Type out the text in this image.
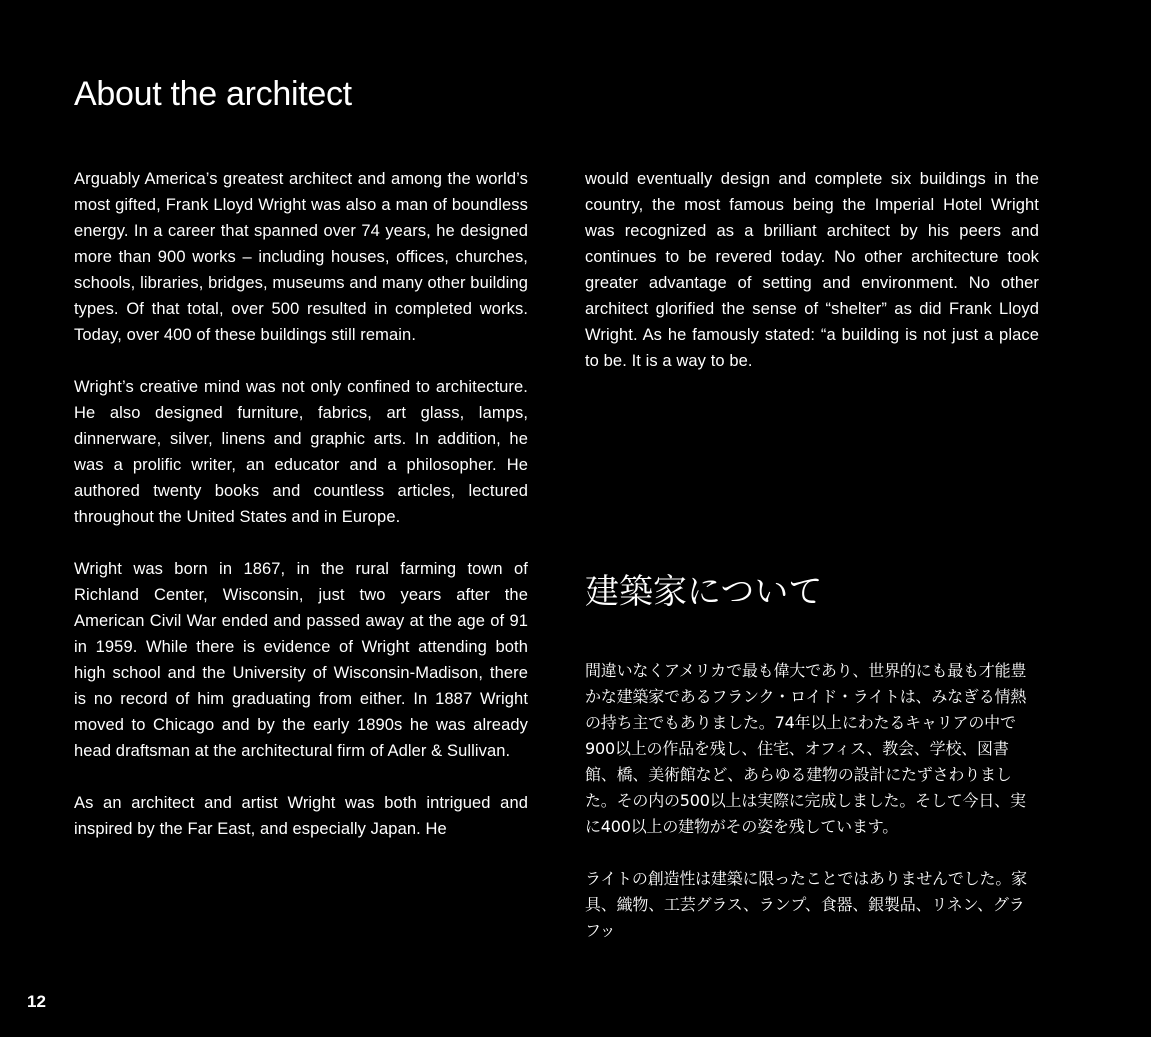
About the architect

Arguably America’s greatest architect and among the world’s most gifted, Frank Lloyd Wright was also a man of boundless energy. In a career that spanned over 74 years, he designed more than 900 works – including houses, offices, churches, schools, libraries, bridges, museums and many other building types. Of that total, over 500 resulted in completed works. Today, over 400 of these buildings still remain.

Wright’s creative mind was not only confined to architecture. He also designed furniture, fabrics, art glass, lamps, dinnerware, silver, linens and graphic arts. In addition, he was a prolific writer, an educator and a philosopher. He authored twenty books and countless articles, lectured throughout the United States and in Europe.

Wright was born in 1867, in the rural farming town of Richland Center, Wisconsin, just two years after the American Civil War ended and passed away at the age of 91 in 1959. While there is evidence of Wright attending both high school and the University of Wisconsin-Madison, there is no record of him graduating from either. In 1887 Wright moved to Chicago and by the early 1890s he was already head draftsman at the architectural firm of Adler & Sullivan.

As an architect and artist Wright was both intrigued and inspired by the Far East, and especially Japan. He

would eventually design and complete six buildings in the country, the most famous being the Imperial Hotel Wright was recognized as a brilliant architect by his peers and continues to be revered today. No other architecture took greater advantage of setting and environment. No other architect glorified the sense of “shelter” as did Frank Lloyd Wright. As he famously stated: “a building is not just a place to be. It is a way to be.

建築家について

間違いなくアメリカで最も偉大であり、世界的にも最も才能豊かな建築家であるフランク・ロイド・ライトは、みなぎる情熱の持ち主でもありました。74年以上にわたるキャリアの中で900以上の作品を残し、住宅、オフィス、教会、学校、図書館、橋、美術館など、あらゆる建物の設計にたずさわりました。その内の500以上は実際に完成しました。そして今日、実に400以上の建物がその姿を残しています。

ライトの創造性は建築に限ったことではありませんでした。家具、織物、工芸グラス、ランプ、食器、銀製品、リネン、グラフッ

12
